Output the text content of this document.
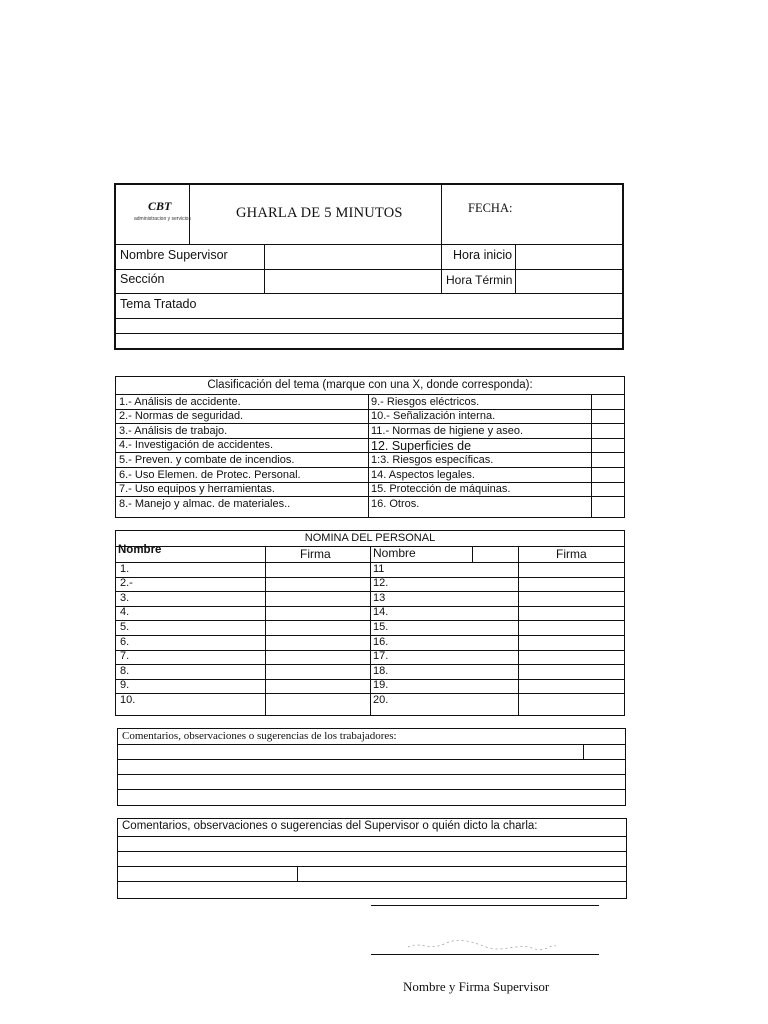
CBT
administracion y servicios	GHARLA DE 5 MINUTOS	FECHA:
Nombre Supervisor	Hora inicio
Sección	Hora Términ
Tema Tratado
Clasificación del tema (marque con una X, donde corresponda):
1.- Análisis de accidente.	9.- Riesgos eléctricos.
2.- Normas de seguridad.	10.- Señalización interna.
3.- Análisis de trabajo.	11.- Normas de higiene y aseo.
4.- Investigación de accidentes.	12. Superficies de
5.- Preven. y combate de incendios.	1:3. Riesgos específicas.
6.- Uso Elemen. de Protec. Personal.	14. Aspectos legales.
7.- Uso equipos y herramientas.	15. Protección de máquinas.
8.- Manejo y almac. de materiales..	16. Otros.
NOMINA DEL PERSONAL
Nombre	Firma	Nombre	Firma
1.	11
2.-	12.
3.	13
4.	14.
5.	15.
6.	16.
7.	17.
8.	18.
9.	19.
10.	20.
Comentarios, observaciones o sugerencias de los trabajadores:
Comentarios, observaciones o sugerencias del Supervisor o quién dicto la charla:
Nombre y Firma Supervisor
